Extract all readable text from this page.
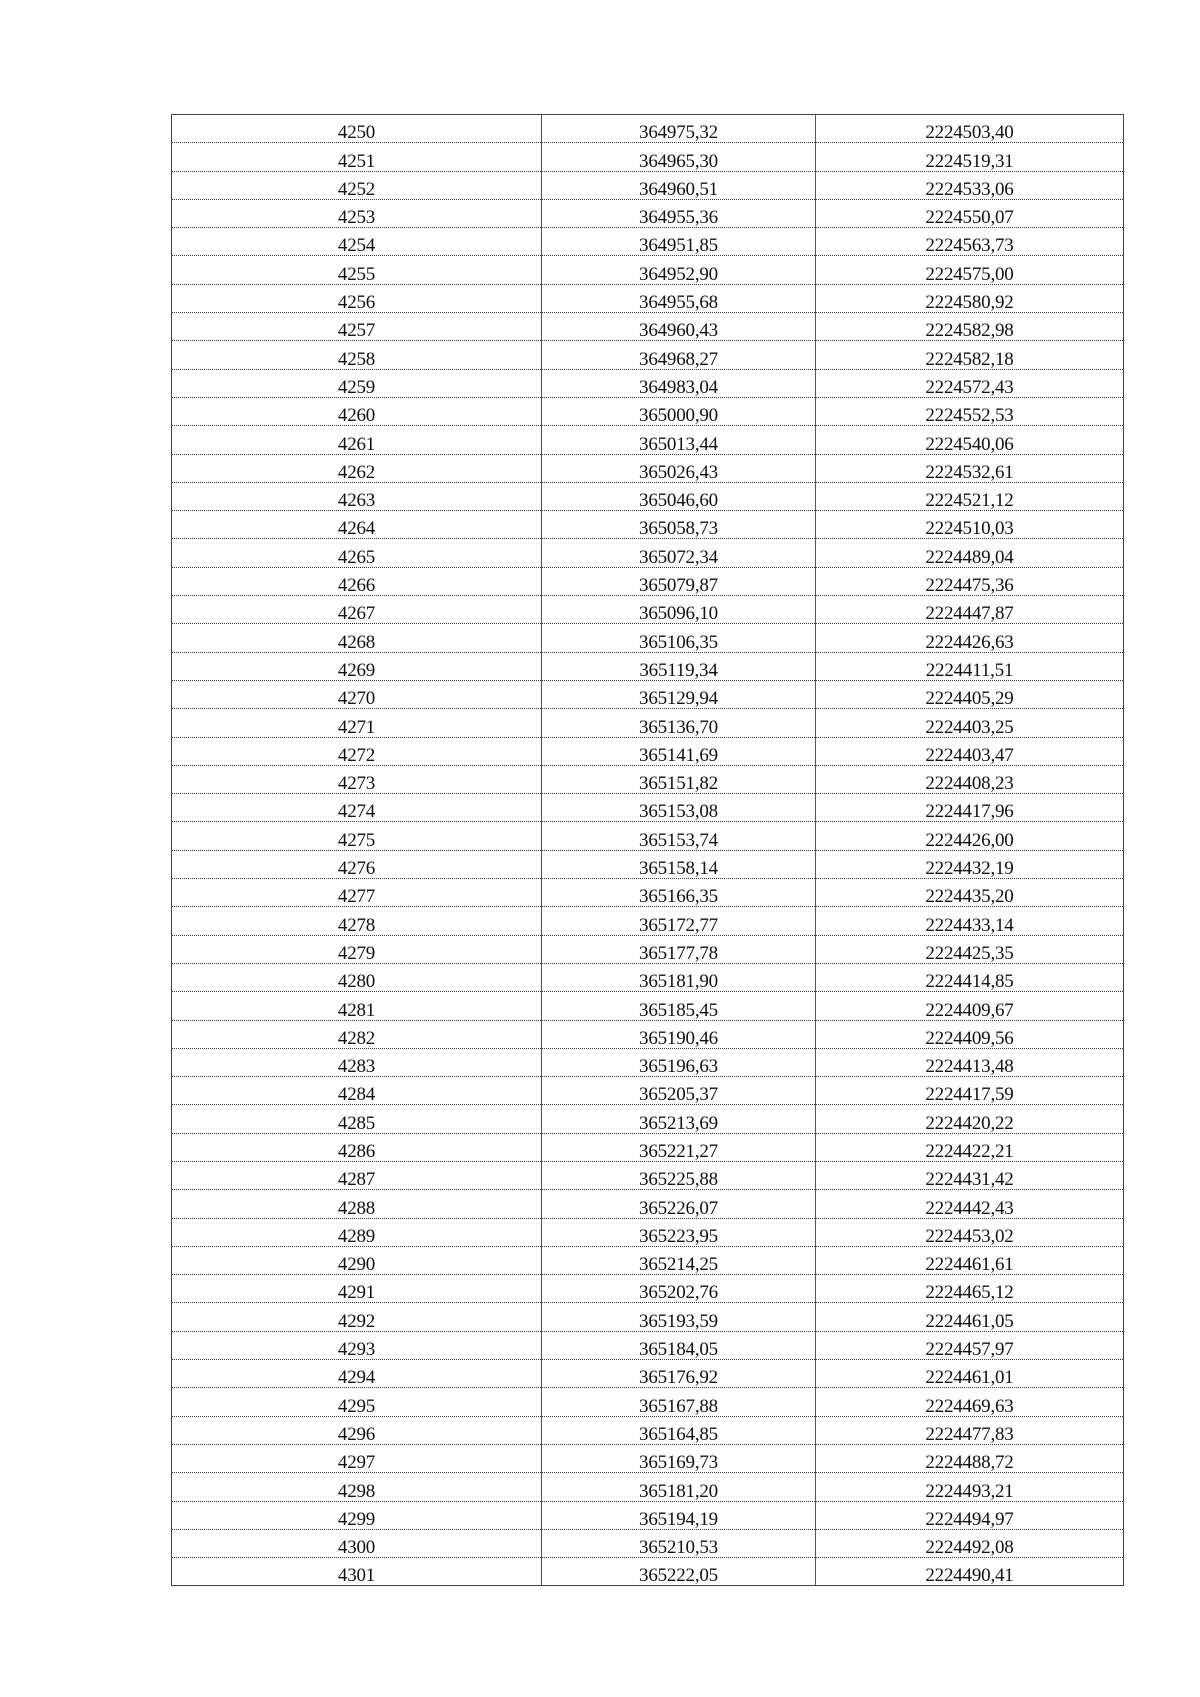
4250	364975,32	2224503,40
4251	364965,30	2224519,31
4252	364960,51	2224533,06
4253	364955,36	2224550,07
4254	364951,85	2224563,73
4255	364952,90	2224575,00
4256	364955,68	2224580,92
4257	364960,43	2224582,98
4258	364968,27	2224582,18
4259	364983,04	2224572,43
4260	365000,90	2224552,53
4261	365013,44	2224540,06
4262	365026,43	2224532,61
4263	365046,60	2224521,12
4264	365058,73	2224510,03
4265	365072,34	2224489,04
4266	365079,87	2224475,36
4267	365096,10	2224447,87
4268	365106,35	2224426,63
4269	365119,34	2224411,51
4270	365129,94	2224405,29
4271	365136,70	2224403,25
4272	365141,69	2224403,47
4273	365151,82	2224408,23
4274	365153,08	2224417,96
4275	365153,74	2224426,00
4276	365158,14	2224432,19
4277	365166,35	2224435,20
4278	365172,77	2224433,14
4279	365177,78	2224425,35
4280	365181,90	2224414,85
4281	365185,45	2224409,67
4282	365190,46	2224409,56
4283	365196,63	2224413,48
4284	365205,37	2224417,59
4285	365213,69	2224420,22
4286	365221,27	2224422,21
4287	365225,88	2224431,42
4288	365226,07	2224442,43
4289	365223,95	2224453,02
4290	365214,25	2224461,61
4291	365202,76	2224465,12
4292	365193,59	2224461,05
4293	365184,05	2224457,97
4294	365176,92	2224461,01
4295	365167,88	2224469,63
4296	365164,85	2224477,83
4297	365169,73	2224488,72
4298	365181,20	2224493,21
4299	365194,19	2224494,97
4300	365210,53	2224492,08
4301	365222,05	2224490,41
